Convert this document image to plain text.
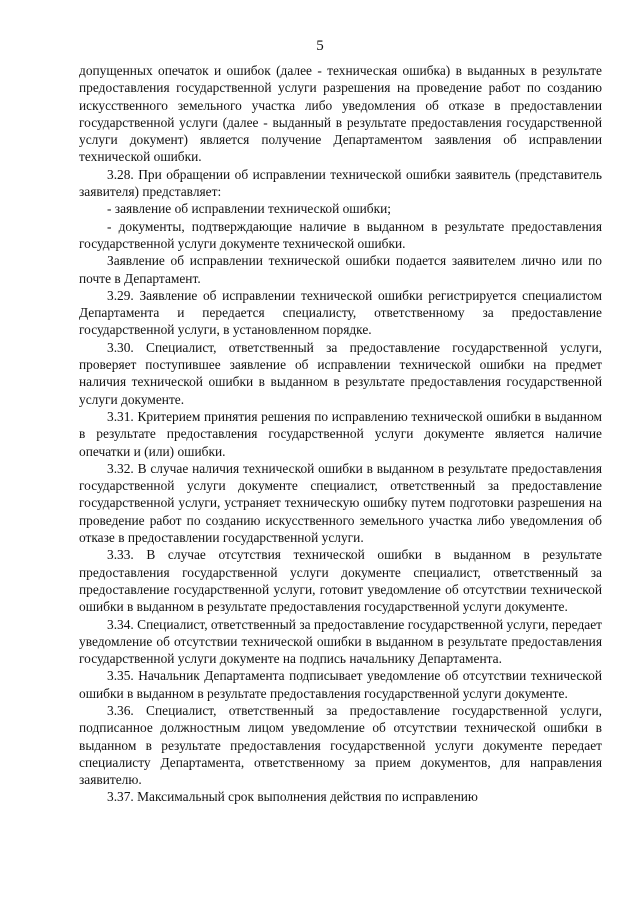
5

допущенных опечаток и ошибок (далее - техническая ошибка) в выданных в результате предоставления государственной услуги разрешения на проведение работ по созданию искусственного земельного участка либо уведомления об отказе в предоставлении государственной услуги (далее - выданный в результате предоставления государственной услуги документ) является получение Департаментом заявления об исправлении технической ошибки.

3.28. При обращении об исправлении технической ошибки заявитель (представитель заявителя) представляет:

- заявление об исправлении технической ошибки;

- документы, подтверждающие наличие в выданном в результате предоставления государственной услуги документе технической ошибки.

Заявление об исправлении технической ошибки подается заявителем лично или по почте в Департамент.

3.29. Заявление об исправлении технической ошибки регистрируется специалистом Департамента и передается специалисту, ответственному за предоставление государственной услуги, в установленном порядке.

3.30. Специалист, ответственный за предоставление государственной услуги, проверяет поступившее заявление об исправлении технической ошибки на предмет наличия технической ошибки в выданном в результате предоставления государственной услуги документе.

3.31. Критерием принятия решения по исправлению технической ошибки в выданном в результате предоставления государственной услуги документе является наличие опечатки и (или) ошибки.

3.32. В случае наличия технической ошибки в выданном в результате предоставления государственной услуги документе специалист, ответственный за предоставление государственной услуги, устраняет техническую ошибку путем подготовки разрешения на проведение работ по созданию искусственного земельного участка либо уведомления об отказе в предоставлении государственной услуги.

3.33. В случае отсутствия технической ошибки в выданном в результате предоставления государственной услуги документе специалист, ответственный за предоставление государственной услуги, готовит уведомление об отсутствии технической ошибки в выданном в результате предоставления государственной услуги документе.

3.34. Специалист, ответственный за предоставление государственной услуги, передает уведомление об отсутствии технической ошибки в выданном в результате предоставления государственной услуги документе на подпись начальнику Департамента.

3.35. Начальник Департамента подписывает уведомление об отсутствии технической ошибки в выданном в результате предоставления государственной услуги документе.

3.36. Специалист, ответственный за предоставление государственной услуги, подписанное должностным лицом уведомление об отсутствии технической ошибки в выданном в результате предоставления государственной услуги документе передает специалисту Департамента, ответственному за прием документов, для направления заявителю.

3.37. Максимальный срок выполнения действия по исправлению
